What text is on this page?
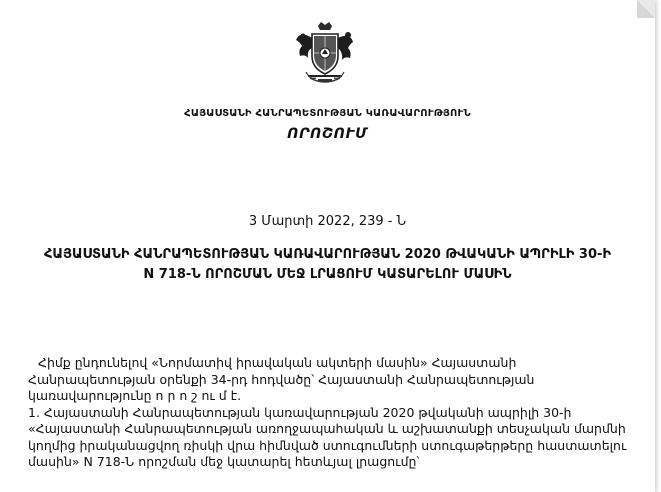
ՀԱՅԱՍՏԱՆԻ ՀԱՆՐԱՊԵՏՈՒԹՅԱՆ ԿԱՌԱՎԱՐՈՒԹՅՈՒՆ
ՈՐՈՇՈՒՄ
3 Մարտի 2022, 239 - Ն
ՀԱՅԱՍՏԱՆԻ ՀԱՆՐԱՊԵՏՈՒԹՅԱՆ ԿԱՌԱՎԱՐՈՒԹՅԱՆ 2020 ԹՎԱԿԱՆԻ ԱՊՐԻԼԻ 30-Ի
N 718-Ն ՈՐՈՇՄԱՆ ՄԵՋ ԼՐԱՑՈՒՄ ԿԱՏԱՐԵԼՈՒ ՄԱՍԻՆ

Հիմք ընդունելով «Նորմատիվ իրավական ակտերի մասին» Հայաստանի Հանրապետության օրենքի 34-րդ հոդվածը՝ Հայաստանի Հանրապետության կառավարությունը ո ր ո շ ու մ է.

1. Հայաստանի Հանրապետության կառավարության 2020 թվականի ապրիլի 30-ի «Հայաստանի Հանրապետության առողջապահական և աշխատանքի տեսչական մարմնի կողմից իրականացվող ռիսկի վրա հիմնված ստուգումների ստուգաթերթերը հաստատելու մասին» N 718-Ն որոշման մեջ կատարել հետևյալ լրացումը՝
